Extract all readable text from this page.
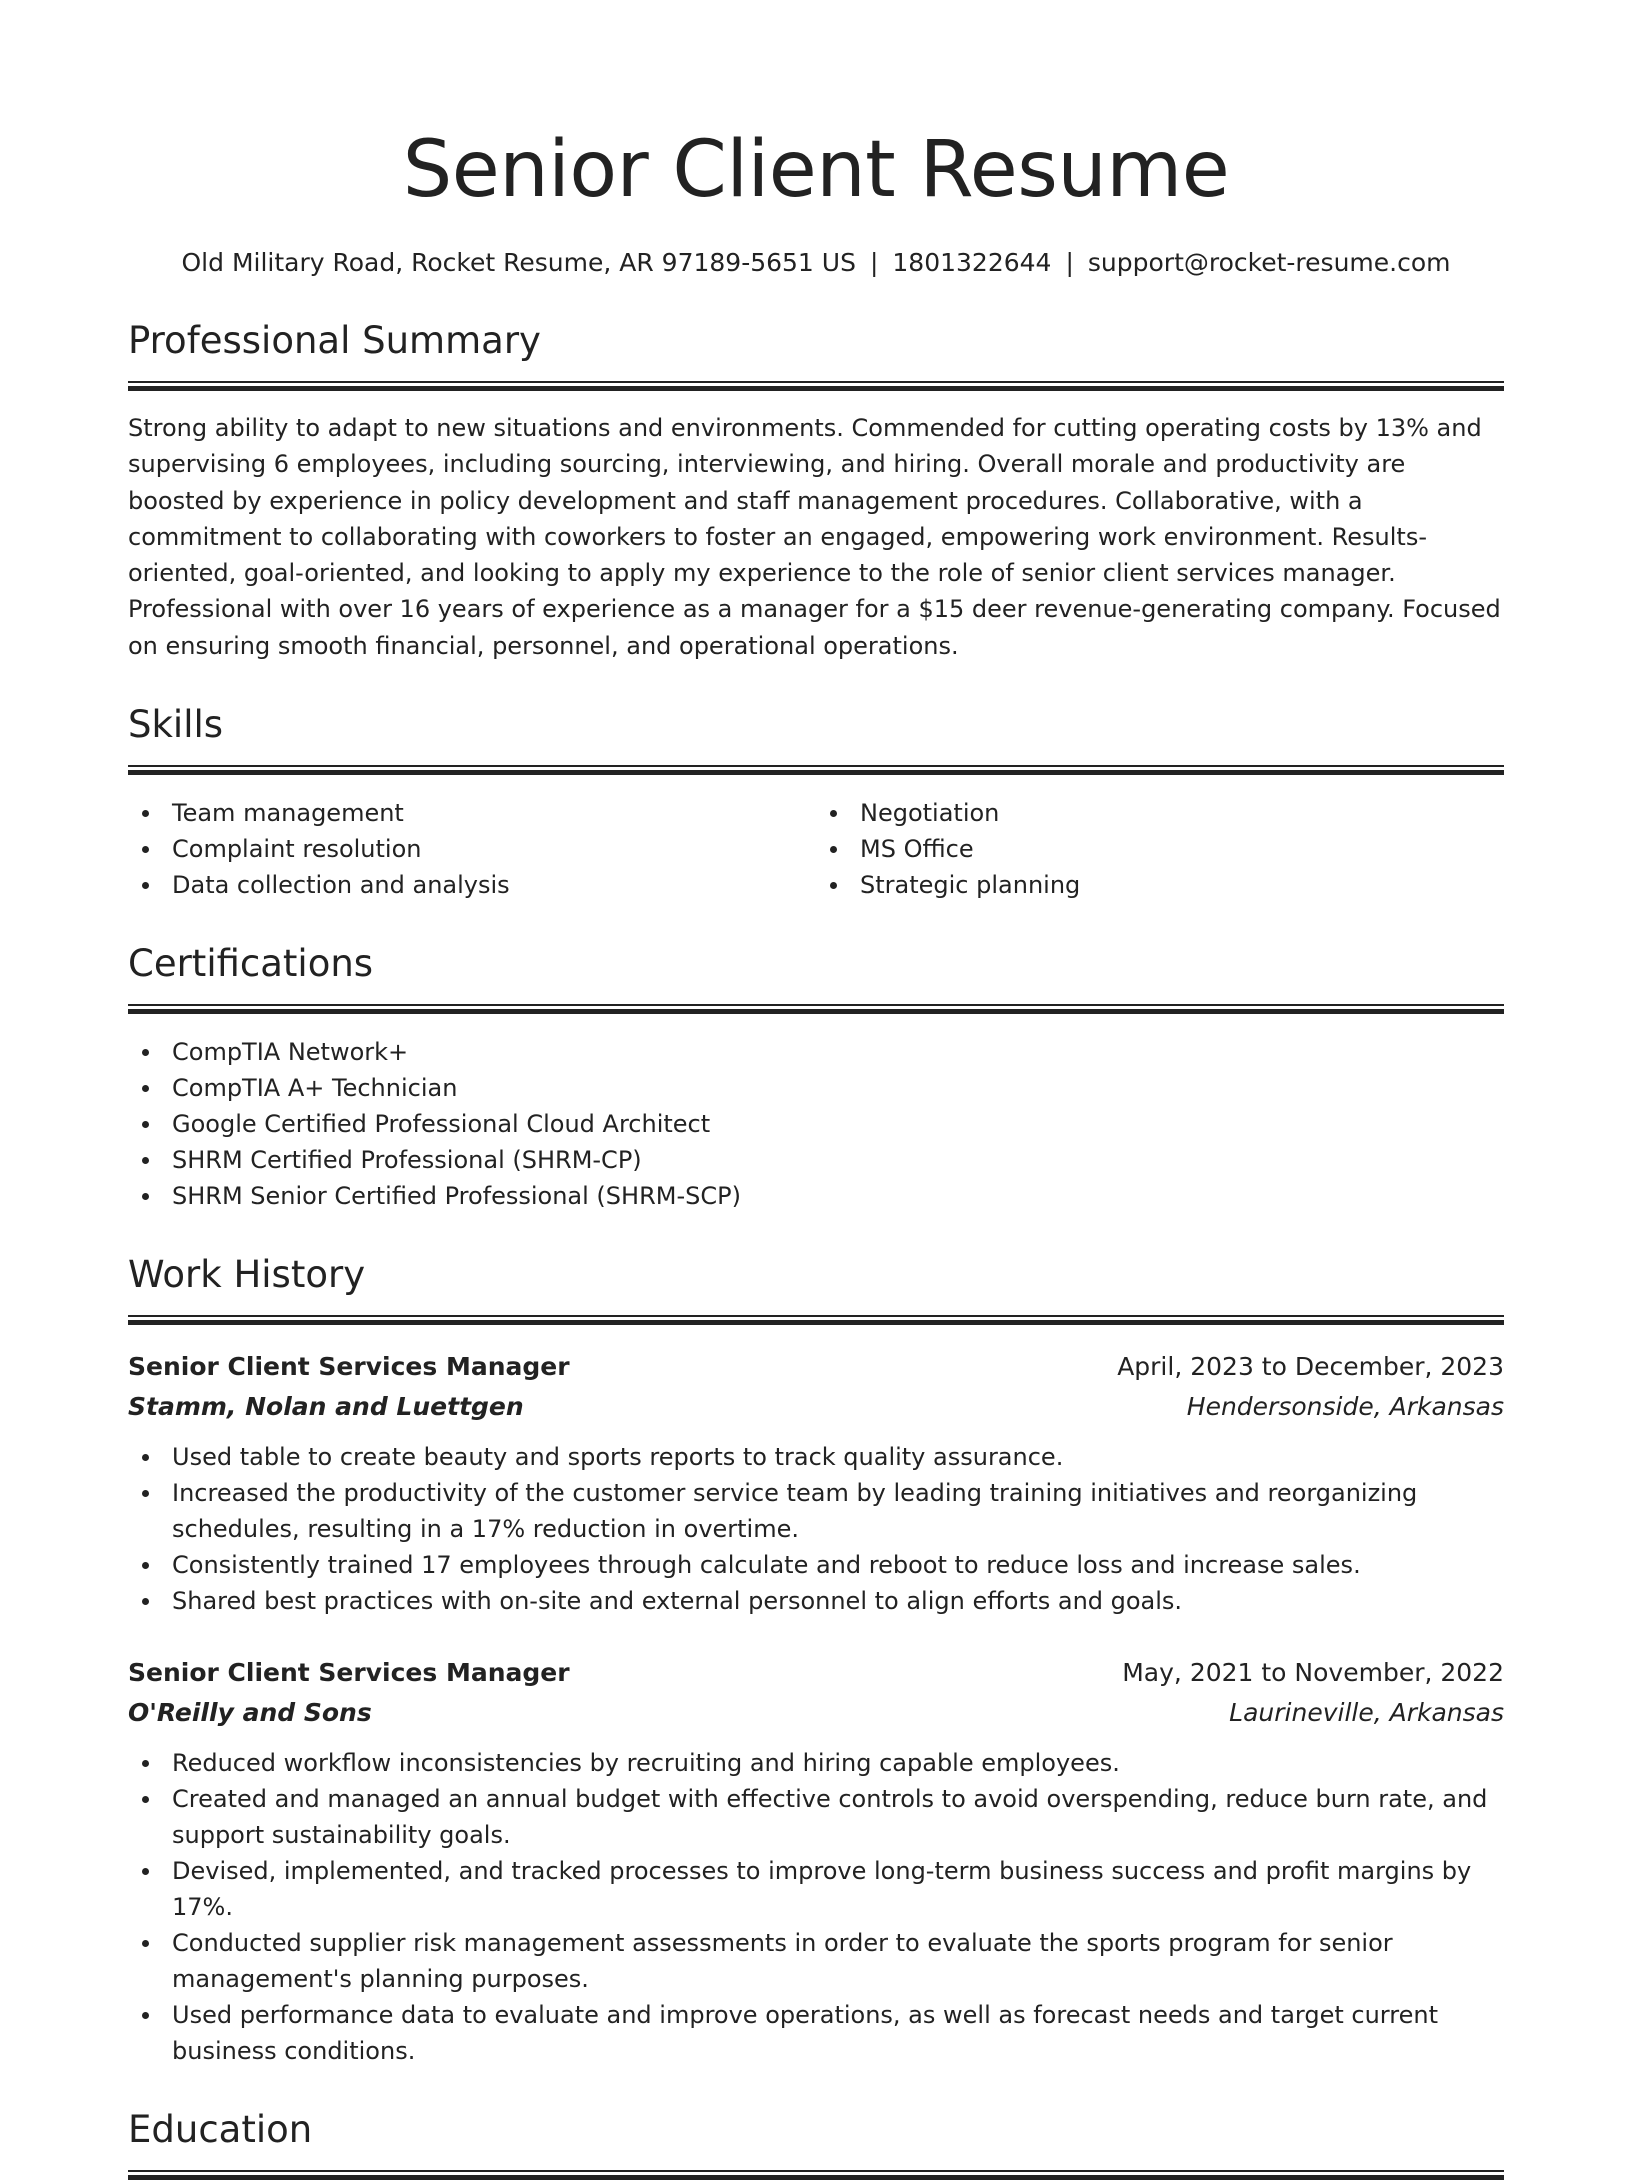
Senior Client Resume
Old Military Road, Rocket Resume, AR 97189-5651 US | 1801322644 | support@rocket-resume.com
Professional Summary
Strong ability to adapt to new situations and environments. Commended for cutting operating costs by 13% and supervising 6 employees, including sourcing, interviewing, and hiring. Overall morale and productivity are boosted by experience in policy development and staff management procedures. Collaborative, with a commitment to collaborating with coworkers to foster an engaged, empowering work environment. Results-oriented, goal-oriented, and looking to apply my experience to the role of senior client services manager. Professional with over 16 years of experience as a manager for a $15 deer revenue-generating company. Focused on ensuring smooth financial, personnel, and operational operations.
Skills
Team management
Complaint resolution
Data collection and analysis
Negotiation
MS Office
Strategic planning
Certifications
CompTIA Network+
CompTIA A+ Technician
Google Certified Professional Cloud Architect
SHRM Certified Professional (SHRM-CP)
SHRM Senior Certified Professional (SHRM-SCP)
Work History
Senior Client Services Manager	April, 2023 to December, 2023
Stamm, Nolan and Luettgen	Hendersonside, Arkansas
Used table to create beauty and sports reports to track quality assurance.
Increased the productivity of the customer service team by leading training initiatives and reorganizing schedules, resulting in a 17% reduction in overtime.
Consistently trained 17 employees through calculate and reboot to reduce loss and increase sales.
Shared best practices with on-site and external personnel to align efforts and goals.
Senior Client Services Manager	May, 2021 to November, 2022
O'Reilly and Sons	Laurineville, Arkansas
Reduced workflow inconsistencies by recruiting and hiring capable employees.
Created and managed an annual budget with effective controls to avoid overspending, reduce burn rate, and support sustainability goals.
Devised, implemented, and tracked processes to improve long-term business success and profit margins by 17%.
Conducted supplier risk management assessments in order to evaluate the sports program for senior management's planning purposes.
Used performance data to evaluate and improve operations, as well as forecast needs and target current business conditions.
Education
